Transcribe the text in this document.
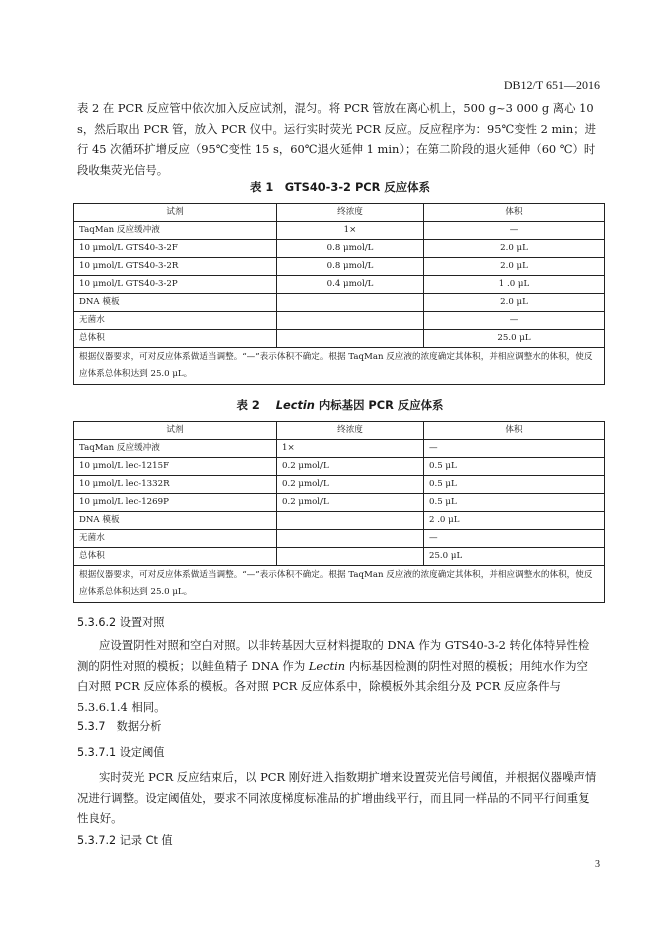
DB12/T 651—2016

表 2 在 PCR 反应管中依次加入反应试剂，混匀。将 PCR 管放在离心机上，500 g~3 000 g 离心 10 s，然后取出 PCR 管，放入 PCR 仪中。运行实时荧光 PCR 反应。反应程序为：95℃变性 2 min；进行 45 次循环扩增反应（95℃变性 15 s，60℃退火延伸 1 min）；在第二阶段的退火延伸（60 ℃）时段收集荧光信号。

表 1　GTS40-3-2 PCR 反应体系
试剂	终浓度	体积
TaqMan 反应缓冲液	1×	—
10 μmol/L GTS40-3-2F	0.8 μmol/L	2.0 μL
10 μmol/L GTS40-3-2R	0.8 μmol/L	2.0 μL
10 μmol/L GTS40-3-2P	0.4 μmol/L	1 .0 μL
DNA 模板		2.0 μL
无菌水		—
总体积		25.0 μL
根据仪器要求，可对反应体系做适当调整。“—”表示体积不确定。根据 TaqMan 反应液的浓度确定其体积，并相应调整水的体积，使反应体系总体积达到 25.0 μL。		
表 2 Lectin 内标基因 PCR 反应体系
试剂	终浓度	体积
TaqMan 反应缓冲液	1×	—
10 μmol/L lec-1215F	0.2 μmol/L	0.5 μL
10 μmol/L lec-1332R	0.2 μmol/L	0.5 μL
10 μmol/L lec-1269P	0.2 μmol/L	0.5 μL
DNA 模板		2 .0 μL
无菌水		—
总体积		25.0 μL
根据仪器要求，可对反应体系做适当调整。“—”表示体积不确定。根据 TaqMan 反应液的浓度确定其体积，并相应调整水的体积，使反应体系总体积达到 25.0 μL。		
5.3.6.2 设置对照

应设置阴性对照和空白对照。以非转基因大豆材料提取的 DNA 作为 GTS40-3-2 转化体特异性检测的阴性对照的模板；以鲑鱼精子 DNA 作为 Lectin 内标基因检测的阴性对照的模板；用纯水作为空白对照 PCR 反应体系的模板。各对照 PCR 反应体系中，除模板外其余组分及 PCR 反应条件与 5.3.6.1.4 相同。

5.3.7　数据分析
5.3.7.1 设定阈值

实时荧光 PCR 反应结束后，以 PCR 刚好进入指数期扩增来设置荧光信号阈值，并根据仪器噪声情况进行调整。设定阈值处，要求不同浓度梯度标准品的扩增曲线平行，而且同一样品的不同平行间重复性良好。

5.3.7.2 记录 Ct 值
3
